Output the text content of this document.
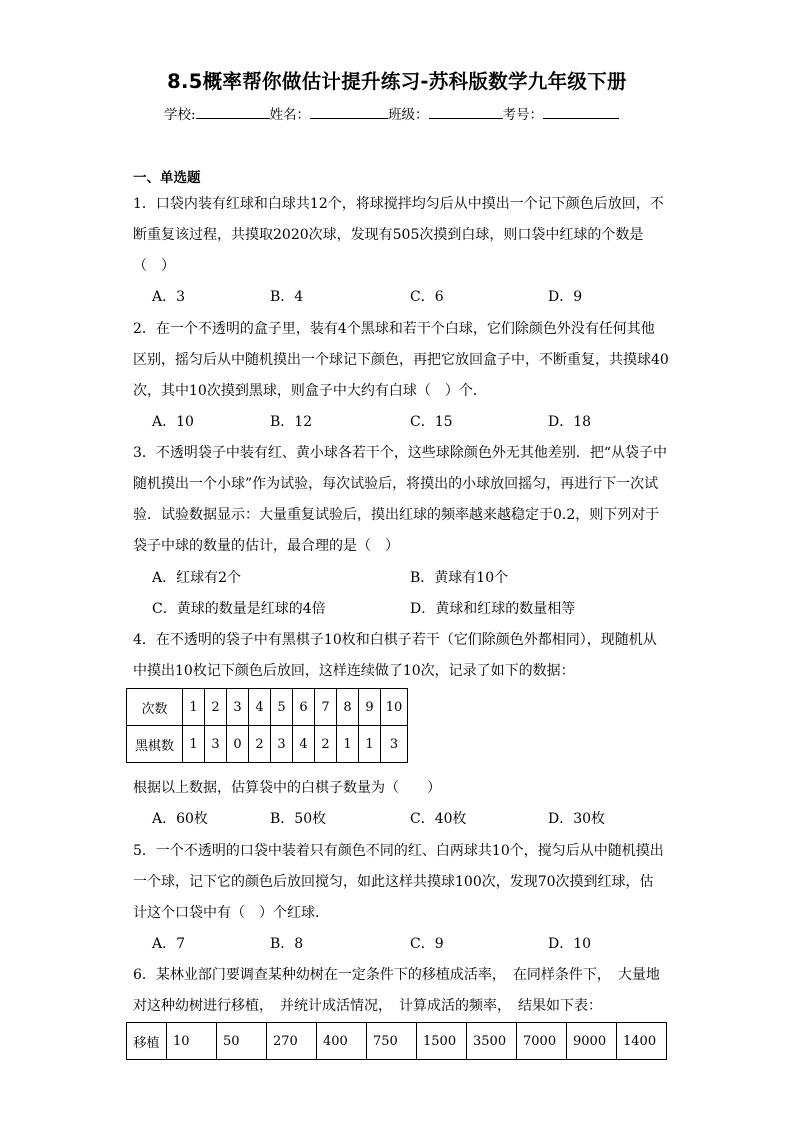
8.5概率帮你做估计提升练习-苏科版数学九年级下册
学校:	姓名：	班级：	考号：
一、单选题
1．口袋内装有红球和白球共12个，将球搅拌均匀后从中摸出一个记下颜色后放回，不
断重复该过程，共摸取2020次球，发现有505次摸到白球，则口袋中红球的个数是
（　）
A．3	B．4	C．6	D．9
2．在一个不透明的盒子里，装有4个黑球和若干个白球，它们除颜色外没有任何其他
区别，摇匀后从中随机摸出一个球记下颜色，再把它放回盒子中，不断重复，共摸球40
次，其中10次摸到黑球，则盒子中大约有白球（　）个．
A．10	B．12	C．15	D．18
3．不透明袋子中装有红、黄小球各若干个，这些球除颜色外无其他差别．把“从袋子中
随机摸出一个小球”作为试验，每次试验后，将摸出的小球放回摇匀，再进行下一次试
验．试验数据显示：大量重复试验后，摸出红球的频率越来越稳定于0.2，则下列对于
袋子中球的数量的估计，最合理的是（　）
A．红球有2个	B．黄球有10个
C．黄球的数量是红球的4倍	D．黄球和红球的数量相等
4．在不透明的袋子中有黑棋子10枚和白棋子若干（它们除颜色外都相同），现随机从
中摸出10枚记下颜色后放回，这样连续做了10次，记录了如下的数据：
次数	1	2	3	4	5	6	7	8	9	10
黑棋数	1	3	0	2	3	4	2	1	1	3
根据以上数据，估算袋中的白棋子数量为（　　）
A．60枚	B．50枚	C．40枚	D．30枚
5．一个不透明的口袋中装着只有颜色不同的红、白两球共10个，搅匀后从中随机摸出
一个球，记下它的颜色后放回搅匀，如此这样共摸球100次，发现70次摸到红球，估
计这个口袋中有（　）个红球.
A．7	B．8	C．9	D．10
6．某林业部门要调查某种幼树在一定条件下的移植成活率，　在同样条件下，　大量地
对这种幼树进行移植，　并统计成活情况，　计算成活的频率，　结果如下表：
移植	10	50	270	400	750	1500	3500	7000	9000	1400
